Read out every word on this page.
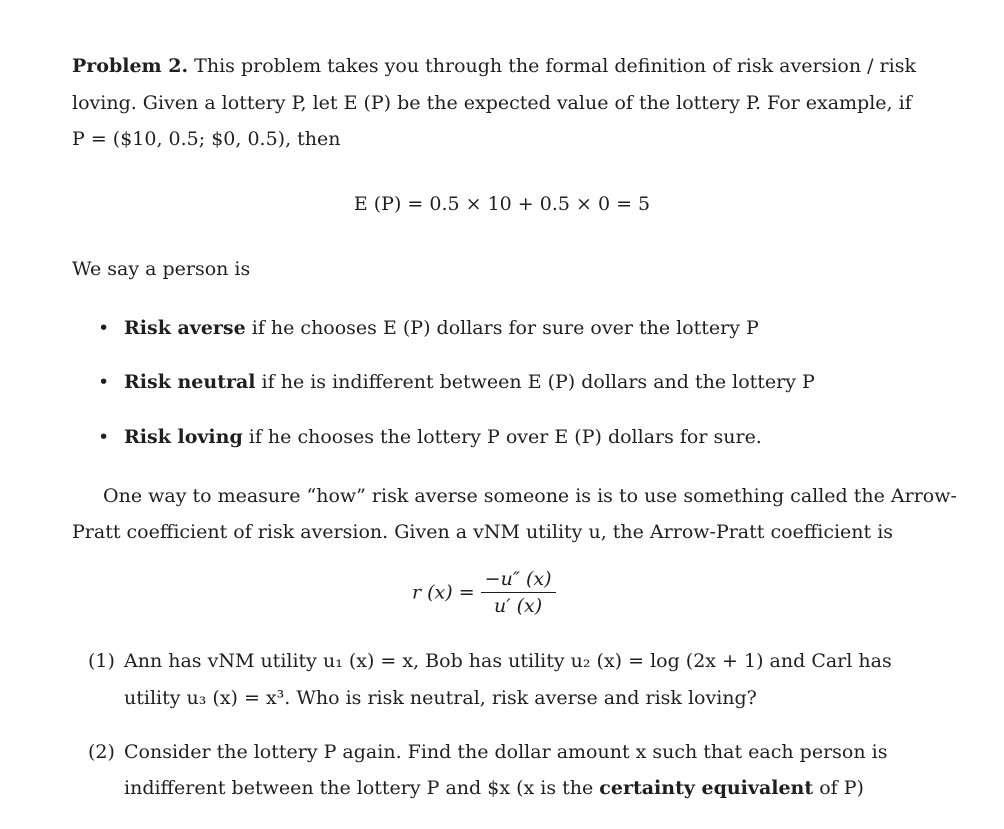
Problem 2. This problem takes you through the formal definition of risk aversion / risk
loving. Given a lottery P, let E (P) be the expected value of the lottery P. For example, if
P = ($10, 0.5; $0, 0.5), then
E (P) = 0.5 × 10 + 0.5 × 0 = 5
We say a person is
• Risk averse if he chooses E (P) dollars for sure over the lottery P
• Risk neutral if he is indifferent between E (P) dollars and the lottery P
• Risk loving if he chooses the lottery P over E (P) dollars for sure.
One way to measure “how” risk averse someone is is to use something called the Arrow-
Pratt coefficient of risk aversion. Given a vNM utility u, the Arrow-Pratt coefficient is
r $(x) = \frac{-u'' (x)}{u' (x)}$
(1) Ann has vNM utility u₁ (x) = x, Bob has utility u₂ (x) = log (2x + 1) and Carl has
utility u₃ (x) = x³. Who is risk neutral, risk averse and risk loving?
(2) Consider the lottery P again. Find the dollar amount x such that each person is
indifferent between the lottery P and $x (x is the certainty equivalent of P)
